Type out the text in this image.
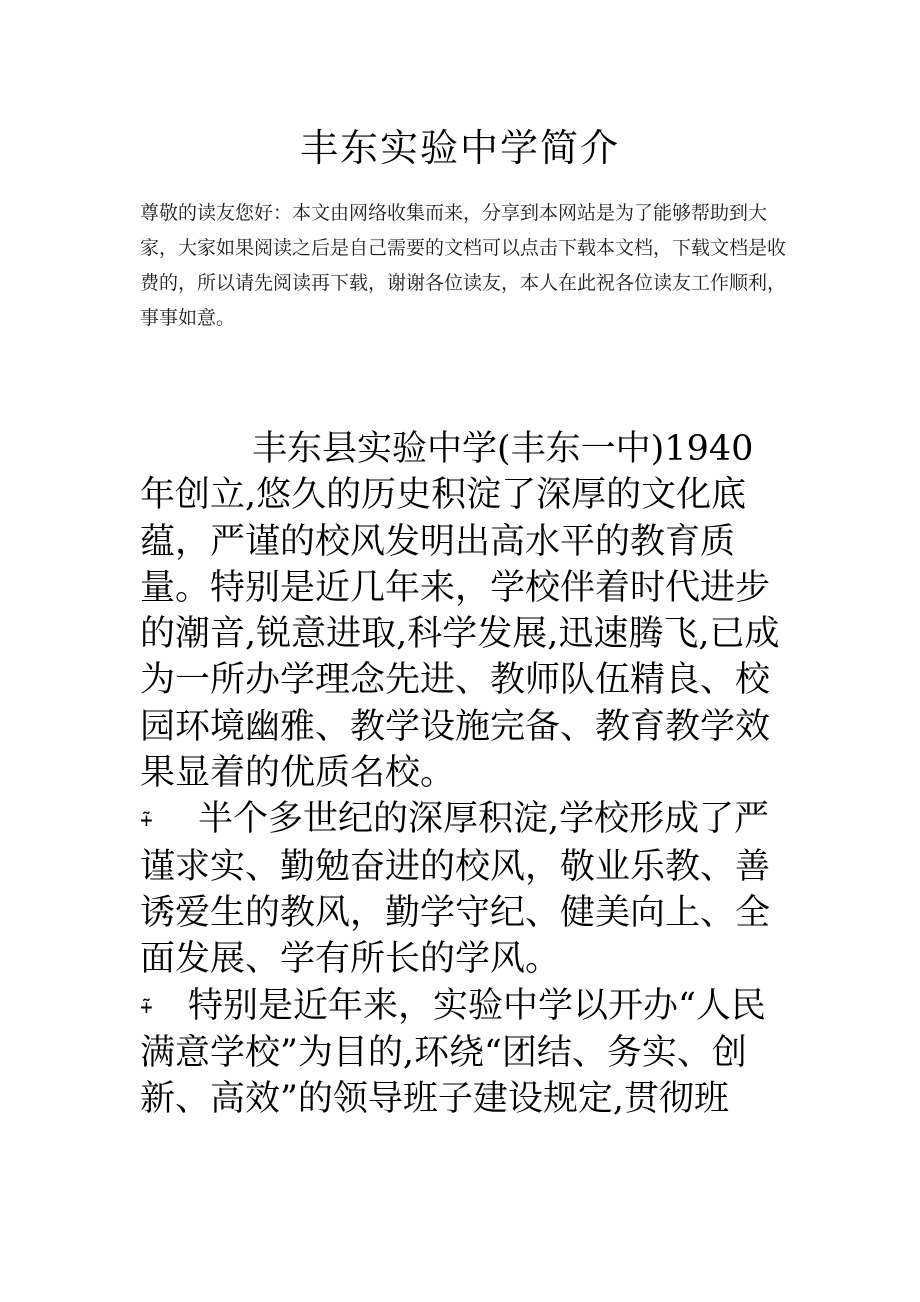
丰东实验中学简介

尊敬的读友您好：本文由网络收集而来，分享到本网站是为了能够帮助到大家，大家如果阅读之后是自己需要的文档可以点击下载本文档，下载文档是收费的，所以请先阅读再下载，谢谢各位读友，本人在此祝各位读友工作顺利，事事如意。

丰东县实验中学(丰东一中)1940年创立,悠久的历史积淀了深厚的文化底蕴，严谨的校风发明出高水平的教育质量。特别是近几年来，学校伴着时代进步的潮音,锐意进取,科学发展,迅速腾飞,已成为一所办学理念先进、教师队伍精良、校园环境幽雅、教学设施完备、教育教学效果显着的优质名校。

⨤ 半个多世纪的深厚积淀,学校形成了严谨求实、勤勉奋进的校风，敬业乐教、善诱爱生的教风，勤学守纪、健美向上、全面发展、学有所长的学风。

⨤ 特别是近年来，实验中学以开办“人民满意学校”为目的,环绕“团结、务实、创新、高效”的领导班子建设规定,贯彻班
